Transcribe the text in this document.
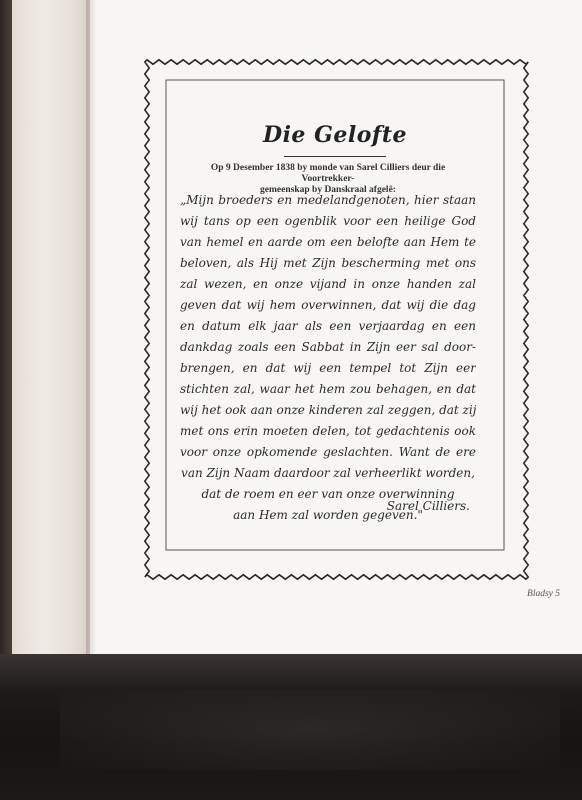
Die Gelofte
Op 9 Desember 1838 by monde van Sarel Cilliers deur die Voortrekker-
gemeenskap by Danskraal afgelê:
„Mijn broeders en medelandgenoten, hier staan
wij tans op een ogenblik voor een heilige God
van hemel en aarde om een belofte aan Hem te
beloven, als Hij met Zijn bescherming met ons
zal wezen, en onze vijand in onze handen zal
geven dat wij hem overwinnen, dat wij die dag
en datum elk jaar als een verjaardag en een
dankdag zoals een Sabbat in Zijn eer sal door-
brengen, en dat wij een tempel tot Zijn eer
stichten zal, waar het hem zou behagen, en dat
wij het ook aan onze kinderen zal zeggen, dat zij
met ons erin moeten delen, tot gedachtenis ook
voor onze opkomende geslachten. Want de ere
van Zijn Naam daardoor zal verheerlikt worden,
dat de roem en eer van onze overwinning
aan Hem zal worden gegeven."
Sarel Cilliers.
Bladsy 5
